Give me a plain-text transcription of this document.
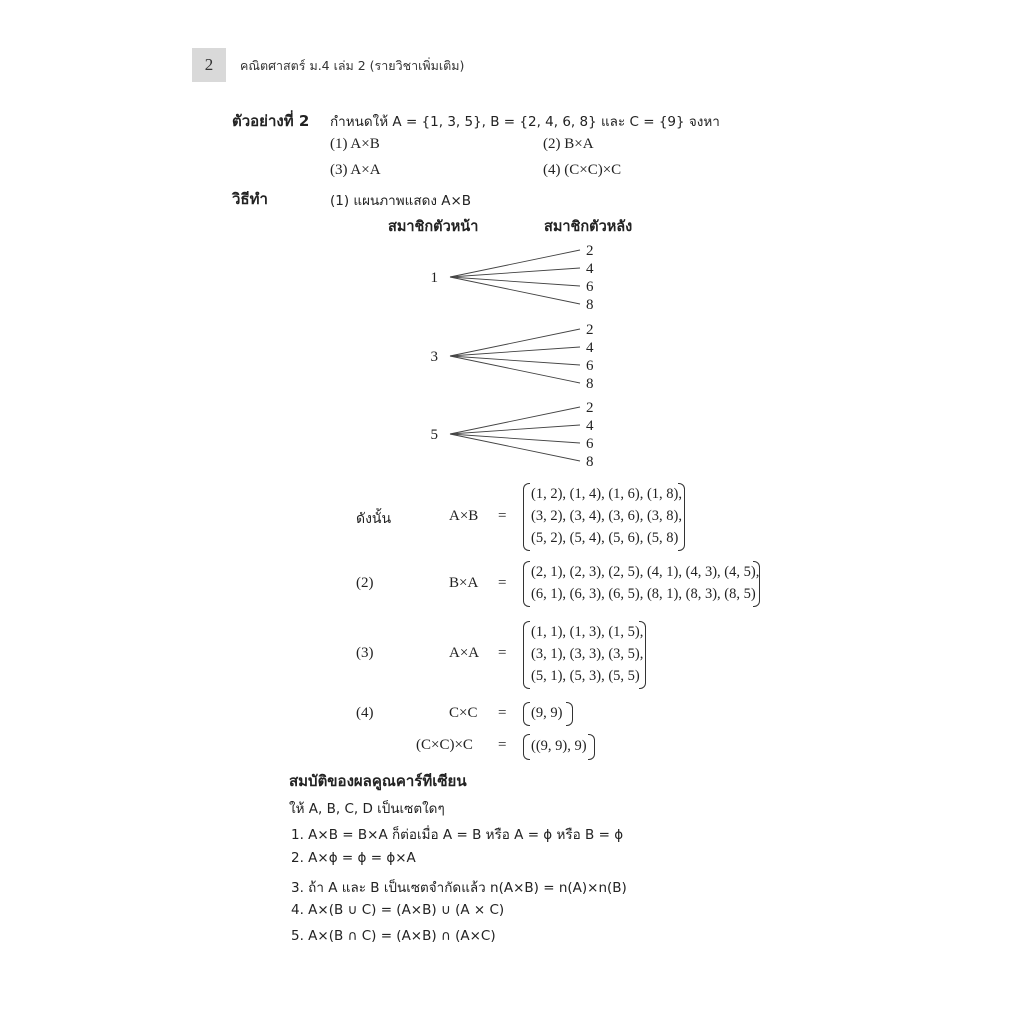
2	คณิตศาสตร์ ม.4 เล่ม 2 (รายวิชาเพิ่มเติม)
ตัวอย่างที่ 2 กำหนดให้ A = {1, 3, 5}, B = {2, 4, 6, 8} และ C = {9} จงหา
(1) A×B	(2) B×A
(3) A×A	(4) (C×C)×C
วิธีทำ	(1) แผนภาพแสดง A×B
สมาชิกตัวหน้า	สมาชิกตัวหลัง
1
2
4
6
8
3
2
4
6
8
5
2
4
6
8
ดังนั้น	A×B =
(1, 2), (1, 4), (1, 6), (1, 8),
(3, 2), (3, 4), (3, 6), (3, 8),
(5, 2), (5, 4), (5, 6), (5, 8)
(2)	B×A =
(2, 1), (2, 3), (2, 5), (4, 1), (4, 3), (4, 5),
(6, 1), (6, 3), (6, 5), (8, 1), (8, 3), (8, 5)
(3)	A×A =
(1, 1), (1, 3), (1, 5),
(3, 1), (3, 3), (3, 5),
(5, 1), (5, 3), (5, 5)
(4)	C×C = (9, 9)
(C×C)×C = ((9, 9), 9)
สมบัติของผลคูณคาร์ทีเซียน
ให้ A, B, C, D เป็นเซตใดๆ
1. A×B = B×A ก็ต่อเมื่อ A = B หรือ A = ϕ หรือ B = ϕ
2. A×ϕ = ϕ = ϕ×A
3. ถ้า A และ B เป็นเซตจำกัดแล้ว n(A×B) = n(A)×n(B)
4. A×(B ∪ C) = (A×B) ∪ (A × C)
5. A×(B ∩ C) = (A×B) ∩ (A×C)
